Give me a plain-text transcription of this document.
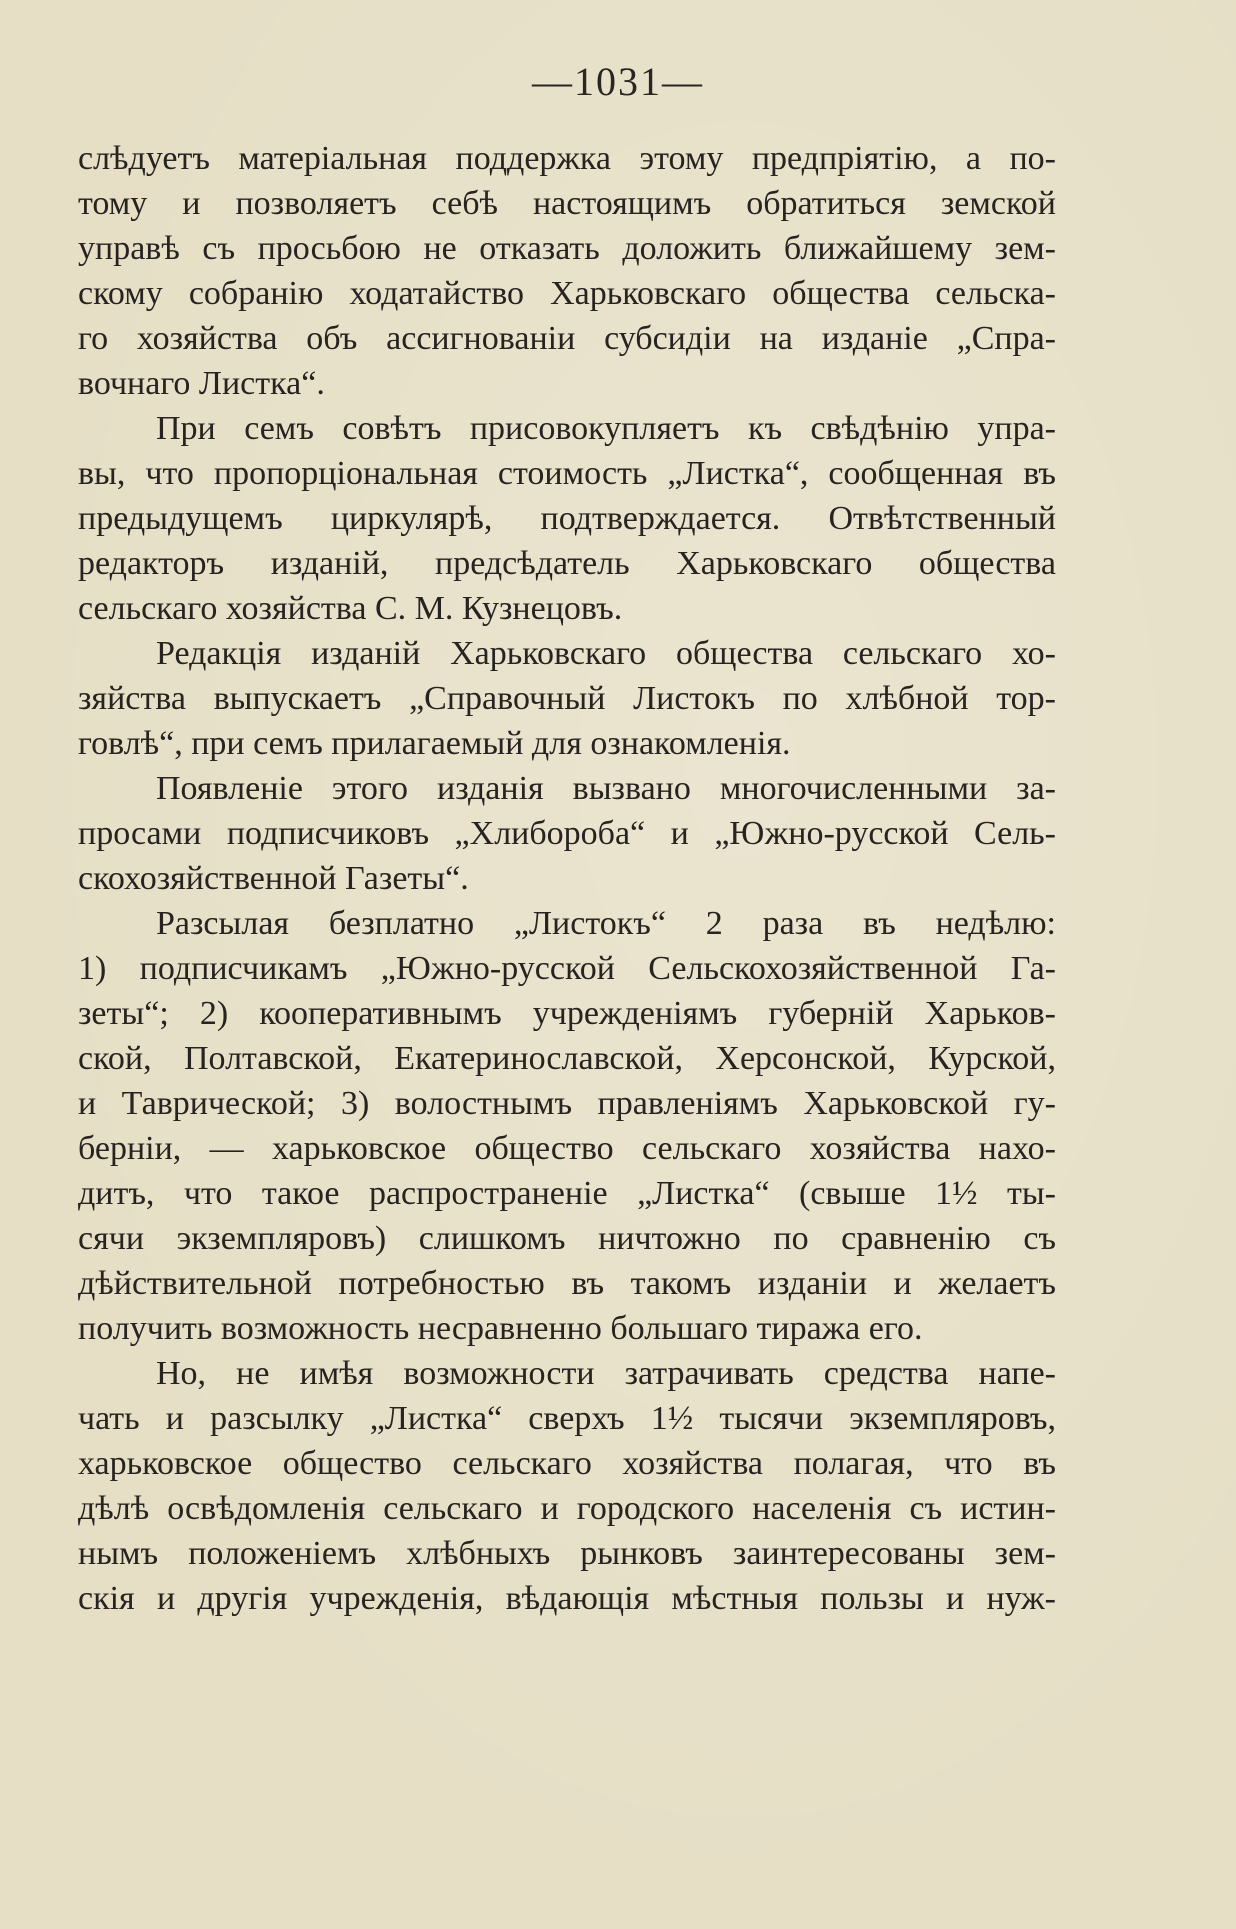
—1031—
слѣдуетъ матеріальная поддержка этому предпріятію, а по-
тому и позволяетъ себѣ настоящимъ обратиться земской
управѣ съ просьбою не отказать доложить ближайшему зем-
скому собранію ходатайство Харьковскаго общества сельска-
го хозяйства объ ассигнованіи субсидіи на изданіе „Спра-
вочнаго Листка“.
При семъ совѣтъ присовокупляетъ къ свѣдѣнію упра-
вы, что пропорціональная стоимость „Листка“, сообщенная въ
предыдущемъ циркулярѣ, подтверждается. Отвѣтственный
редакторъ изданій, предсѣдатель Харьковскаго общества
сельскаго хозяйства С. М. Кузнецовъ.
Редакція изданій Харьковскаго общества сельскаго хо-
зяйства выпускаетъ „Справочный Листокъ по хлѣбной тор-
говлѣ“, при семъ прилагаемый для ознакомленія.
Появленіе этого изданія вызвано многочисленными за-
просами подписчиковъ „Хлибороба“ и „Южно-русской Сель-
скохозяйственной Газеты“.
Разсылая безплатно „Листокъ“ 2 раза въ недѣлю:
1) подписчикамъ „Южно-русской Сельскохозяйственной Га-
зеты“; 2) кооперативнымъ учрежденіямъ губерній Харьков-
ской, Полтавской, Екатеринославской, Херсонской, Курской,
и Таврической; 3) волостнымъ правленіямъ Харьковской гу-
берніи, — харьковское общество сельскаго хозяйства нахо-
дитъ, что такое распространеніе „Листка“ (свыше 1½ ты-
сячи экземпляровъ) слишкомъ ничтожно по сравненію съ
дѣйствительной потребностью въ такомъ изданіи и желаетъ
получить возможность несравненно большаго тиража его.
Но, не имѣя возможности затрачивать средства напе-
чать и разсылку „Листка“ сверхъ 1½ тысячи экземпляровъ,
харьковское общество сельскаго хозяйства полагая, что въ
дѣлѣ освѣдомленія сельскаго и городского населенія съ истин-
нымъ положеніемъ хлѣбныхъ рынковъ заинтересованы зем-
скія и другія учрежденія, вѣдающія мѣстныя пользы и нуж-
